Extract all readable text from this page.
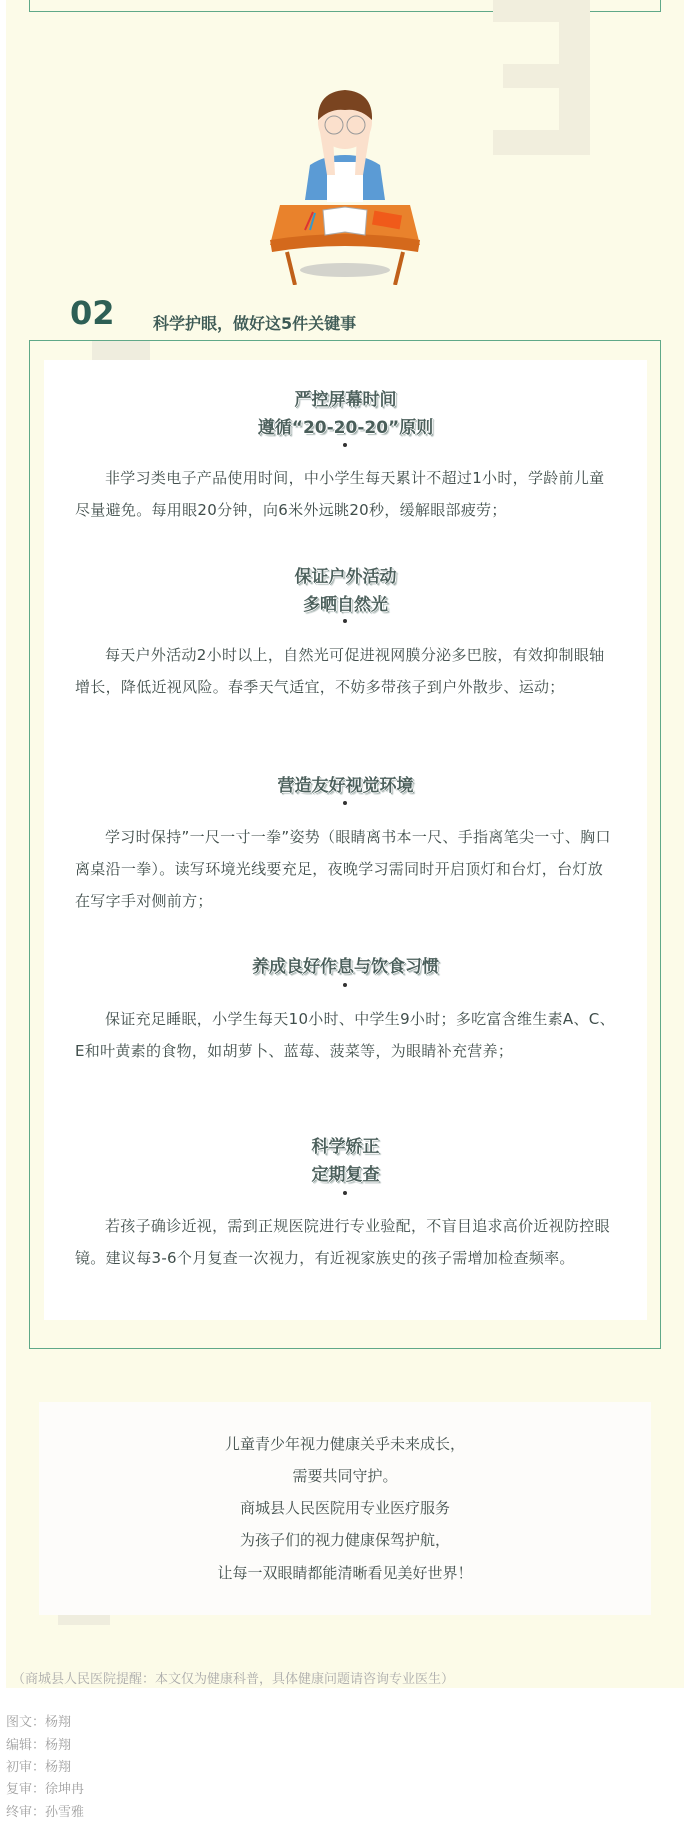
02 科学护眼，做好这5件关键事
严控屏幕时间
遵循“20-20-20”原则
非学习类电子产品使用时间，中小学生每天累计不超过1小时，学龄前儿童尽量避免。每用眼20分钟，向6米外远眺20秒，缓解眼部疲劳；
保证户外活动
多晒自然光
每天户外活动2小时以上，自然光可促进视网膜分泌多巴胺，有效抑制眼轴增长，降低近视风险。春季天气适宜，不妨多带孩子到户外散步、运动；
营造友好视觉环境
学习时保持”一尺一寸一拳”姿势（眼睛离书本一尺、手指离笔尖一寸、胸口离桌沿一拳）。读写环境光线要充足，夜晚学习需同时开启顶灯和台灯，台灯放在写字手对侧前方；
养成良好作息与饮食习惯
保证充足睡眠，小学生每天10小时、中学生9小时；多吃富含维生素A、C、E和叶黄素的食物，如胡萝卜、蓝莓、菠菜等，为眼睛补充营养；
科学矫正
定期复查
若孩子确诊近视，需到正规医院进行专业验配，不盲目追求高价近视防控眼镜。建议每3-6个月复查一次视力，有近视家族史的孩子需增加检查频率。
儿童青少年视力健康关乎未来成长，
需要共同守护。
商城县人民医院用专业医疗服务
为孩子们的视力健康保驾护航，
让每一双眼睛都能清晰看见美好世界！
（商城县人民医院提醒：本文仅为健康科普，具体健康问题请咨询专业医生）
图文：杨翔
编辑：杨翔
初审：杨翔
复审：徐坤冉
终审：孙雪雅
